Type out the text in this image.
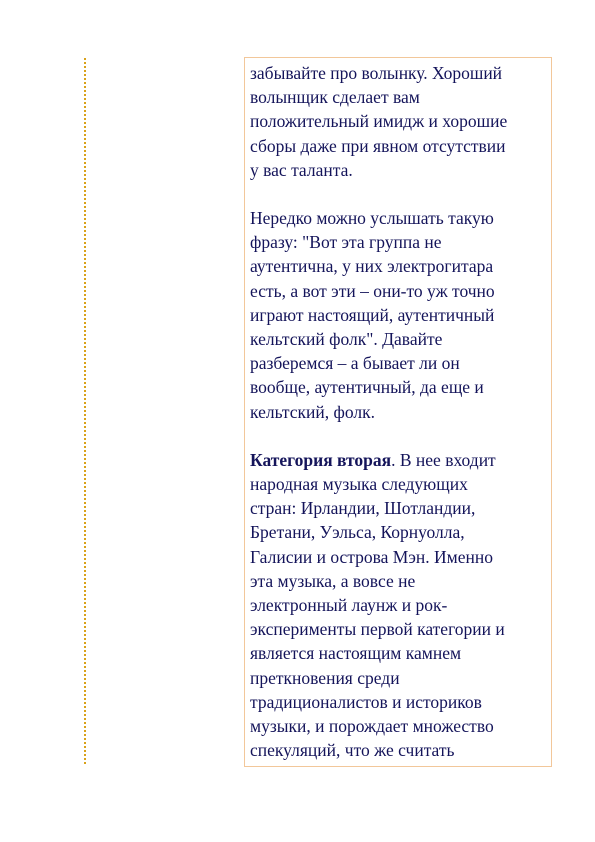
забывайте про волынку. Хороший
волынщик сделает вам
положительный имидж и хорошие
сборы даже при явном отсутствии
у вас таланта.

Нередко можно услышать такую
фразу: "Вот эта группа не
аутентична, у них электрогитара
есть, а вот эти – они-то уж точно
играют настоящий, аутентичный
кельтский фолк". Давайте
разберемся – а бывает ли он
вообще, аутентичный, да еще и
кельтский, фолк.

Категория вторая. В нее входит
народная музыка следующих
стран: Ирландии, Шотландии,
Бретани, Уэльса, Корнуолла,
Галисии и острова Мэн. Именно
эта музыка, а вовсе не
электронный лаунж и рок-
эксперименты первой категории и
является настоящим камнем
преткновения среди
традиционалистов и историков
музыки, и порождает множество
спекуляций, что же считать
